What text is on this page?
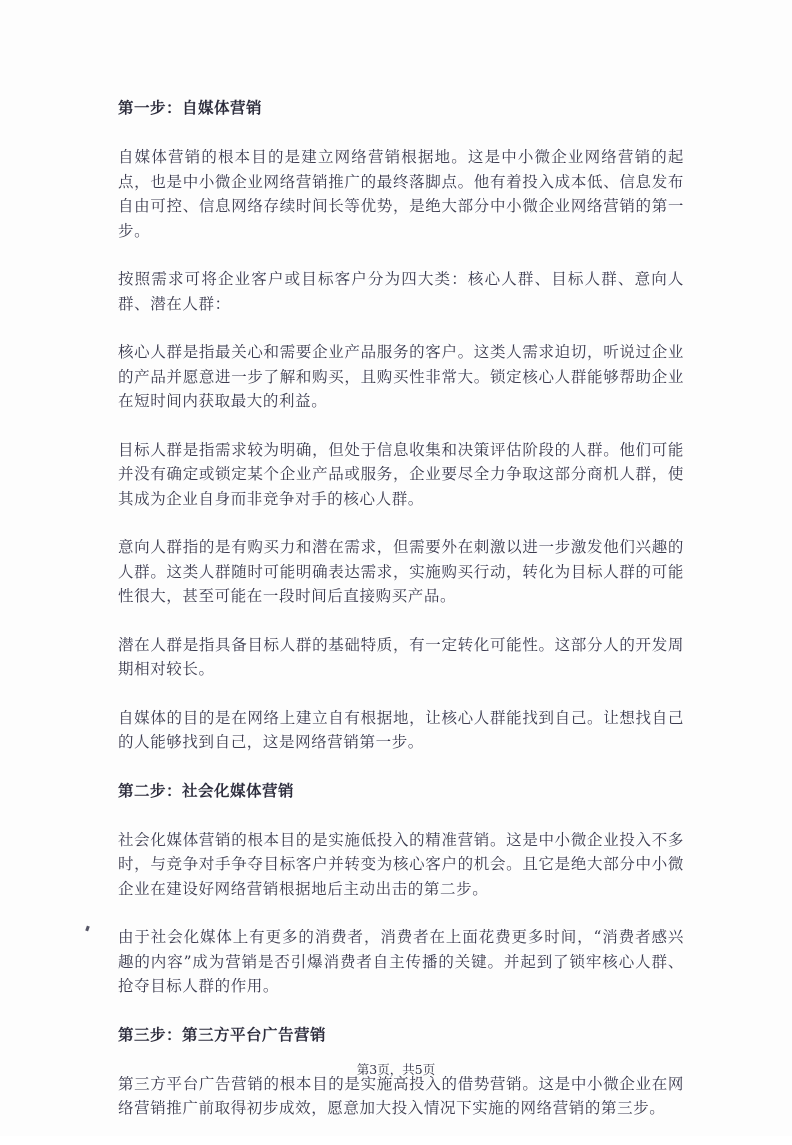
第一步：自媒体营销

自媒体营销的根本目的是建立网络营销根据地。这是中小微企业网络营销的起点，也是中小微企业网络营销推广的最终落脚点。他有着投入成本低、信息发布自由可控、信息网络存续时间长等优势，是绝大部分中小微企业网络营销的第一步。

按照需求可将企业客户或目标客户分为四大类：核心人群、目标人群、意向人群、潜在人群：

核心人群是指最关心和需要企业产品服务的客户。这类人需求迫切，听说过企业的产品并愿意进一步了解和购买，且购买性非常大。锁定核心人群能够帮助企业在短时间内获取最大的利益。

目标人群是指需求较为明确，但处于信息收集和决策评估阶段的人群。他们可能并没有确定或锁定某个企业产品或服务，企业要尽全力争取这部分商机人群，使其成为企业自身而非竞争对手的核心人群。

意向人群指的是有购买力和潜在需求，但需要外在刺激以进一步激发他们兴趣的人群。这类人群随时可能明确表达需求，实施购买行动，转化为目标人群的可能性很大，甚至可能在一段时间后直接购买产品。

潜在人群是指具备目标人群的基础特质，有一定转化可能性。这部分人的开发周期相对较长。

自媒体的目的是在网络上建立自有根据地，让核心人群能找到自己。让想找自己的人能够找到自己，这是网络营销第一步。

第二步：社会化媒体营销

社会化媒体营销的根本目的是实施低投入的精准营销。这是中小微企业投入不多时，与竞争对手争夺目标客户并转变为核心客户的机会。且它是绝大部分中小微企业在建设好网络营销根据地后主动出击的第二步。

由于社会化媒体上有更多的消费者，消费者在上面花费更多时间，“消费者感兴趣的内容”成为营销是否引爆消费者自主传播的关键。并起到了锁牢核心人群、抢夺目标人群的作用。

第三步：第三方平台广告营销

第三方平台广告营销的根本目的是实施高投入的借势营销。这是中小微企业在网络营销推广前取得初步成效，愿意加大投入情况下实施的网络营销的第三步。

第3页，共5页
